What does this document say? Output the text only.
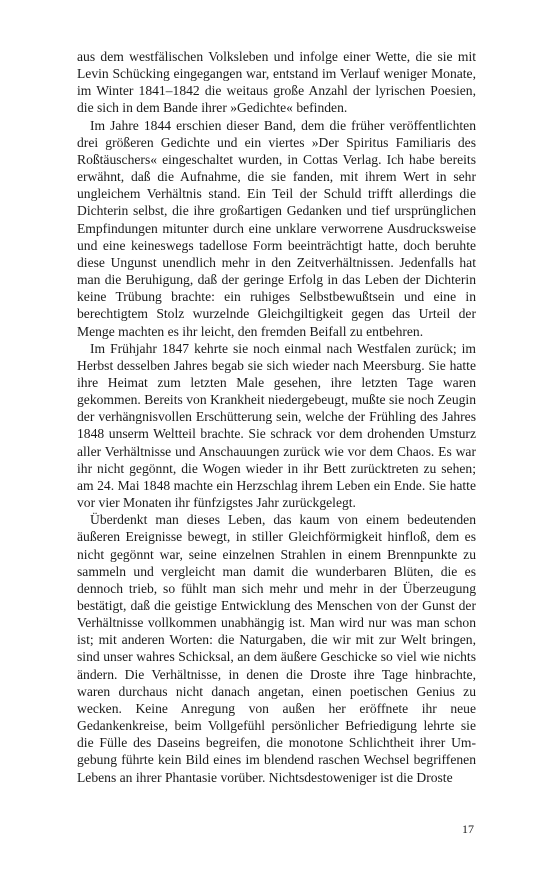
aus dem westfälischen Volksleben und infolge einer Wette, die sie mit Levin Schücking eingegangen war, entstand im Verlauf weniger Monate, im Winter 1841–1842 die weitaus große Anzahl der lyrischen Poesien, die sich in dem Bande ihrer »Gedichte« befinden.

Im Jahre 1844 erschien dieser Band, dem die früher veröffentlichten drei größeren Gedichte und ein viertes »Der Spiritus Familiaris des Roßtäuschers« eingeschaltet wurden, in Cottas Verlag. Ich habe bereits erwähnt, daß die Aufnahme, die sie fanden, mit ihrem Wert in sehr ungleichem Verhältnis stand. Ein Teil der Schuld trifft allerdings die Dichterin selbst, die ihre großartigen Gedanken und tief ursprünglichen Empfindungen mitunter durch eine unklare verworrene Ausdrucksweise und eine keineswegs tadellose Form beeinträchtigt hatte, doch beruhte diese Ungunst unendlich mehr in den Zeitverhältnissen. Jedenfalls hat man die Beruhigung, daß der geringe Erfolg in das Leben der Dichterin keine Trübung brachte: ein ruhiges Selbstbewußtsein und eine in berechtigtem Stolz wurzelnde Gleichgiltigkeit gegen das Urteil der Menge machten es ihr leicht, den fremden Beifall zu entbehren.

Im Frühjahr 1847 kehrte sie noch einmal nach Westfalen zurück; im Herbst desselben Jahres begab sie sich wieder nach Meersburg. Sie hatte ihre Heimat zum letzten Male gesehen, ihre letzten Tage waren gekommen. Bereits von Krankheit niedergebeugt, mußte sie noch Zeugin der verhängnisvollen Erschütterung sein, welche der Frühling des Jahres 1848 unserm Weltteil brachte. Sie schrack vor dem drohenden Umsturz aller Verhältnisse und Anschauungen zurück wie vor dem Chaos. Es war ihr nicht gegönnt, die Wogen wieder in ihr Bett zurücktreten zu sehen; am 24. Mai 1848 machte ein Herzschlag ihrem Leben ein Ende. Sie hatte vor vier Monaten ihr fünfzigstes Jahr zurückgelegt.

Überdenkt man dieses Leben, das kaum von einem bedeutenden äußeren Ereignisse bewegt, in stiller Gleichförmigkeit hinfloß, dem es nicht gegönnt war, seine einzelnen Strahlen in einem Brennpunkte zu sammeln und vergleicht man damit die wunderbaren Blüten, die es dennoch trieb, so fühlt man sich mehr und mehr in der Überzeugung bestätigt, daß die geistige Entwicklung des Menschen von der Gunst der Verhältnisse vollkommen unabhängig ist. Man wird nur was man schon ist; mit anderen Worten: die Naturgaben, die wir mit zur Welt bringen, sind unser wahres Schicksal, an dem äußere Geschicke so viel wie nichts ändern. Die Verhältnisse, in denen die Droste ihre Tage hinbrachte, waren durchaus nicht danach angetan, einen poetischen Genius zu wecken. Keine Anregung von außen her eröffnete ihr neue Gedankenkreise, beim Vollgefühl persönlicher Befriedigung lehrte sie die Fülle des Daseins begreifen, die monotone Schlichtheit ihrer Umgebung führte kein Bild eines im blendend raschen Wechsel begriffenen Lebens an ihrer Phantasie vorüber. Nichtsdestoweniger ist die Droste

17
